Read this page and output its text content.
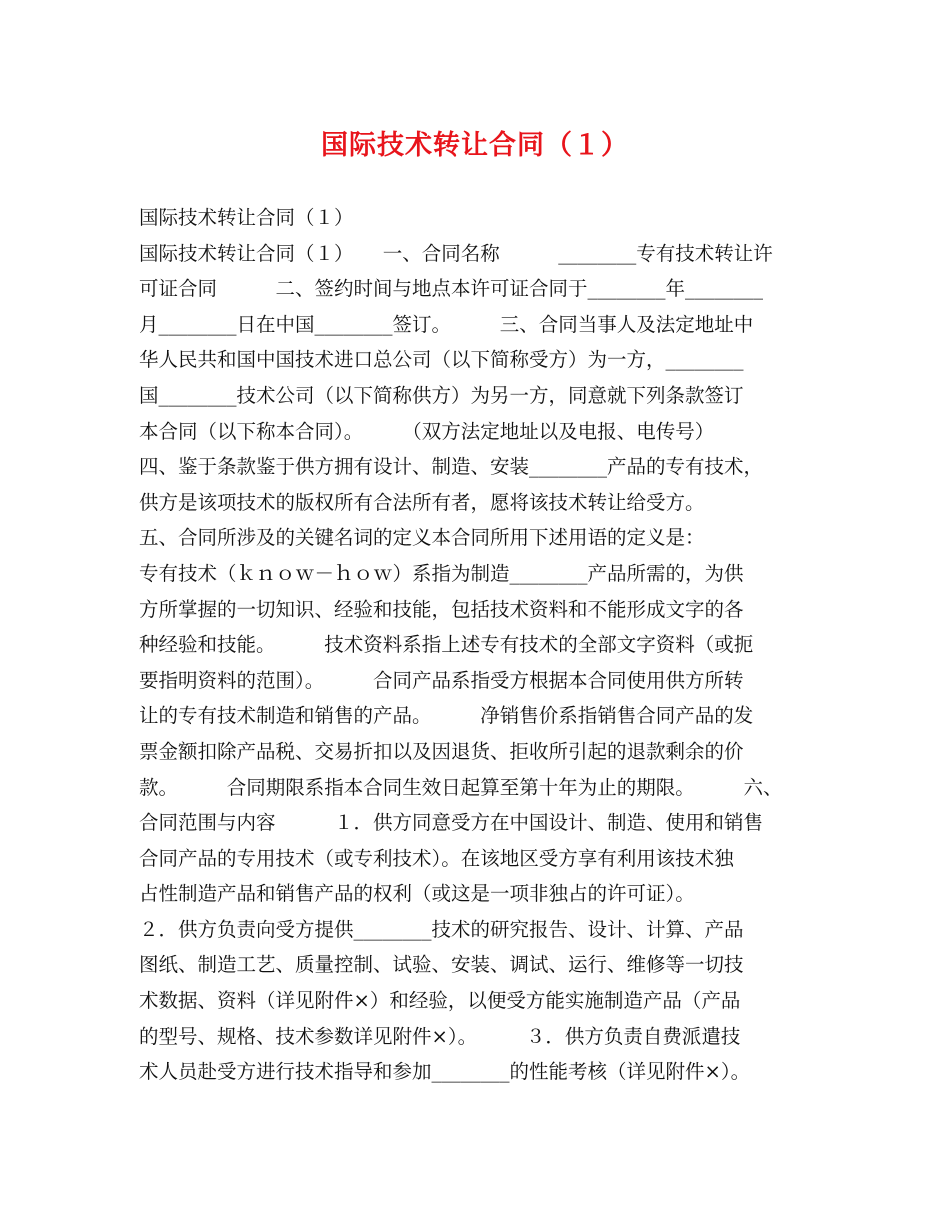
国际技术转让合同（１）
国际技术转让合同（１）
国际技术转让合同（１）　　一、合同名称　　　________专有技术转让许
可证合同　　　二、签约时间与地点本许可证合同于________年________
月________日在中国________签订。　　　三、合同当事人及法定地址中
华人民共和国中国技术进口总公司（以下简称受方）为一方，________
国________技术公司（以下简称供方）为另一方，同意就下列条款签订
本合同（以下称本合同）。　　　（双方法定地址以及电报、电传号）
四、鉴于条款鉴于供方拥有设计、制造、安装________产品的专有技术，
供方是该项技术的版权所有合法所有者，愿将该技术转让给受方。
五、合同所涉及的关键名词的定义本合同所用下述用语的定义是：
专有技术（ｋｎｏｗ－ｈｏｗ）系指为制造________产品所需的，为供
方所掌握的一切知识、经验和技能，包括技术资料和不能形成文字的各
种经验和技能。　　　技术资料系指上述专有技术的全部文字资料（或扼
要指明资料的范围）。　　　合同产品系指受方根据本合同使用供方所转
让的专有技术制造和销售的产品。　　　净销售价系指销售合同产品的发
票金额扣除产品税、交易折扣以及因退货、拒收所引起的退款剩余的价
款。　　　合同期限系指本合同生效日起算至第十年为止的期限。　　　六、
合同范围与内容　　　１．供方同意受方在中国设计、制造、使用和销售
合同产品的专用技术（或专利技术）。在该地区受方享有利用该技术独
占性制造产品和销售产品的权利（或这是一项非独占的许可证）。
２．供方负责向受方提供________技术的研究报告、设计、计算、产品
图纸、制造工艺、质量控制、试验、安装、调试、运行、维修等一切技
术数据、资料（详见附件×）和经验，以便受方能实施制造产品（产品
的型号、规格、技术参数详见附件×）。　　　３．供方负责自费派遣技
术人员赴受方进行技术指导和参加________的性能考核（详见附件×）。
